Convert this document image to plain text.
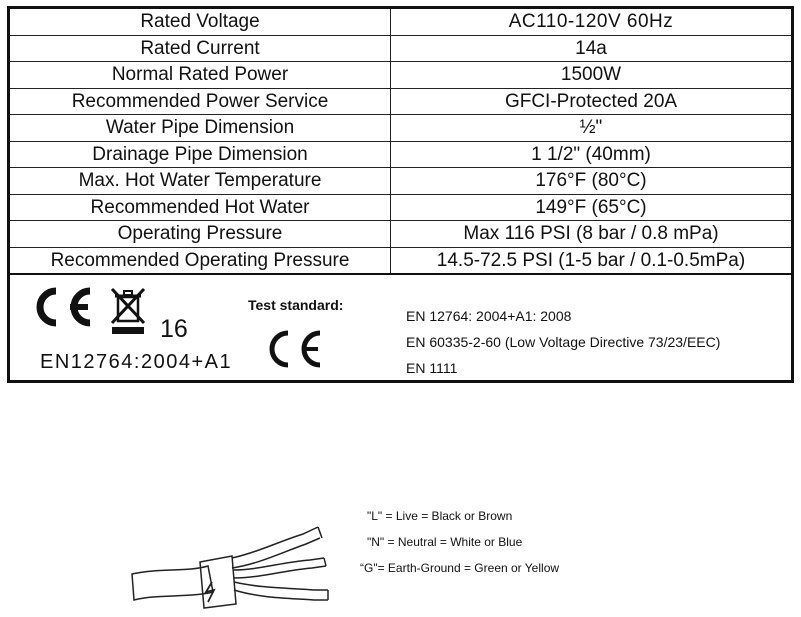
Rated Voltage	AC110-120V 60Hz
Rated Current	14a
Normal Rated Power	1500W
Recommended Power Service	GFCI-Protected 20A
Water Pipe Dimension	½"
Drainage Pipe Dimension	1 1/2" (40mm)
Max. Hot Water Temperature	176°F (80°C)
Recommended Hot Water	149°F (65°C)
Operating Pressure	Max 116 PSI (8 bar / 0.8 mPa)
Recommended Operating Pressure	14.5-72.5 PSI (1-5 bar / 0.1-0.5mPa)
16
EN12764:2004+A1
Test standard:
EN 12764: 2004+A1: 2008
EN 60335-2-60 (Low Voltage Directive 73/23/EEC)
EN 1111
"L" = Live = Black or Brown
"N" = Neutral = White or Blue
“G"= Earth-Ground = Green or Yellow
